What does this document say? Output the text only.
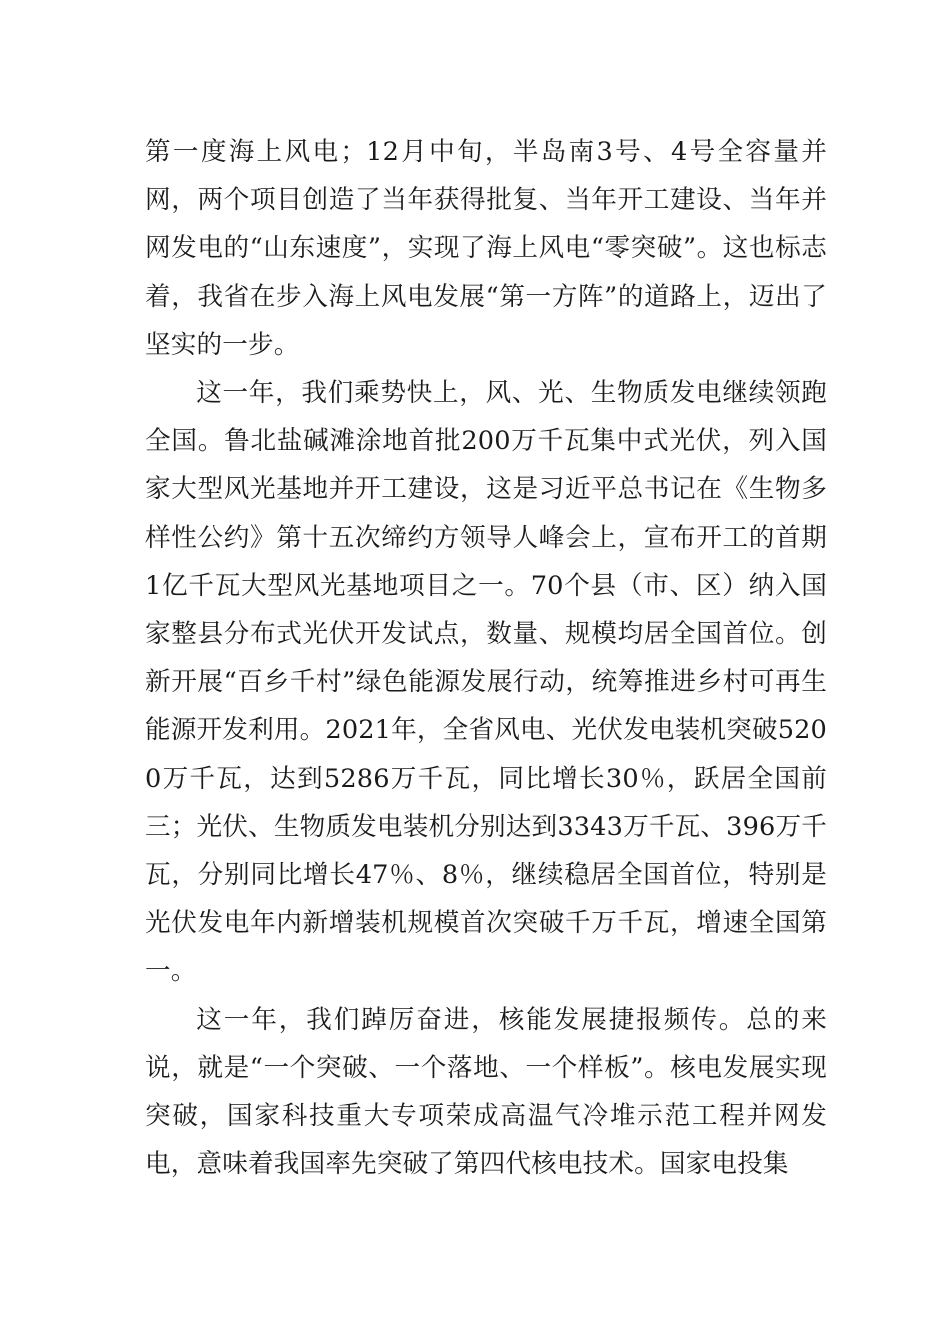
第一度海上风电；12月中旬，半岛南3号、4号全容量并网，两个项目创造了当年获得批复、当年开工建设、当年并网发电的“山东速度”，实现了海上风电“零突破”。这也标志着，我省在步入海上风电发展“第一方阵”的道路上，迈出了坚实的一步。

这一年，我们乘势快上，风、光、生物质发电继续领跑全国。鲁北盐碱滩涂地首批200万千瓦集中式光伏，列入国家大型风光基地并开工建设，这是习近平总书记在《生物多样性公约》第十五次缔约方领导人峰会上，宣布开工的首期1亿千瓦大型风光基地项目之一。70个县（市、区）纳入国家整县分布式光伏开发试点，数量、规模均居全国首位。创新开展“百乡千村”绿色能源发展行动，统筹推进乡村可再生能源开发利用。2021年，全省风电、光伏发电装机突破5200万千瓦，达到5286万千瓦，同比增长30％，跃居全国前三；光伏、生物质发电装机分别达到3343万千瓦、396万千瓦，分别同比增长47％、8％，继续稳居全国首位，特别是光伏发电年内新增装机规模首次突破千万千瓦，增速全国第一。

这一年，我们踔厉奋进，核能发展捷报频传。总的来说，就是“一个突破、一个落地、一个样板”。核电发展实现突破，国家科技重大专项荣成高温气冷堆示范工程并网发电，意味着我国率先突破了第四代核电技术。国家电投集
